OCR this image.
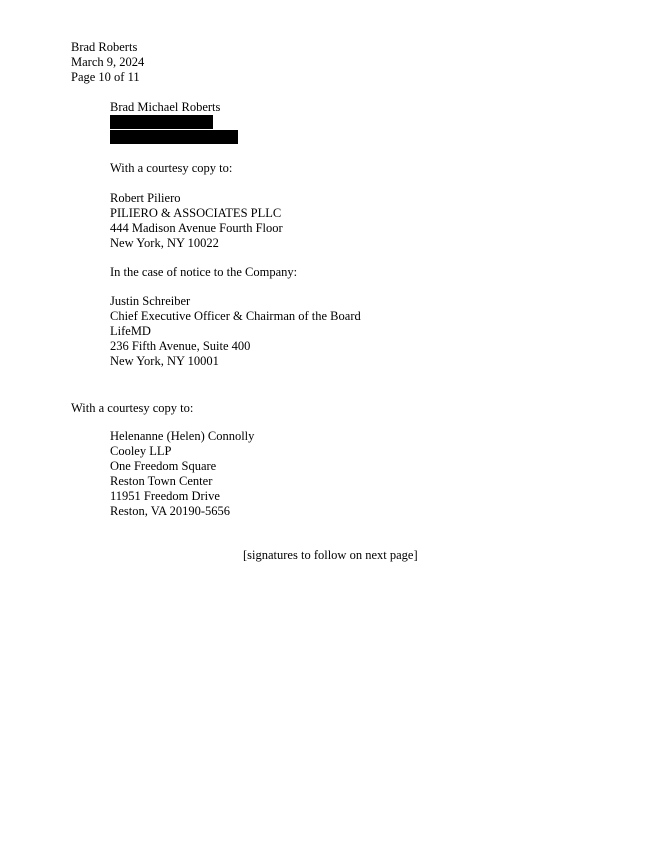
Brad Roberts
March 9, 2024
Page 10 of 11
Brad Michael Roberts
With a courtesy copy to:
Robert Piliero
PILIERO & ASSOCIATES PLLC
444 Madison Avenue Fourth Floor
New York, NY 10022
In the case of notice to the Company:
Justin Schreiber
Chief Executive Officer & Chairman of the Board
LifeMD
236 Fifth Avenue, Suite 400
New York, NY 10001
With a courtesy copy to:
Helenanne (Helen) Connolly
Cooley LLP
One Freedom Square
Reston Town Center
11951 Freedom Drive
Reston, VA 20190-5656
[signatures to follow on next page]
